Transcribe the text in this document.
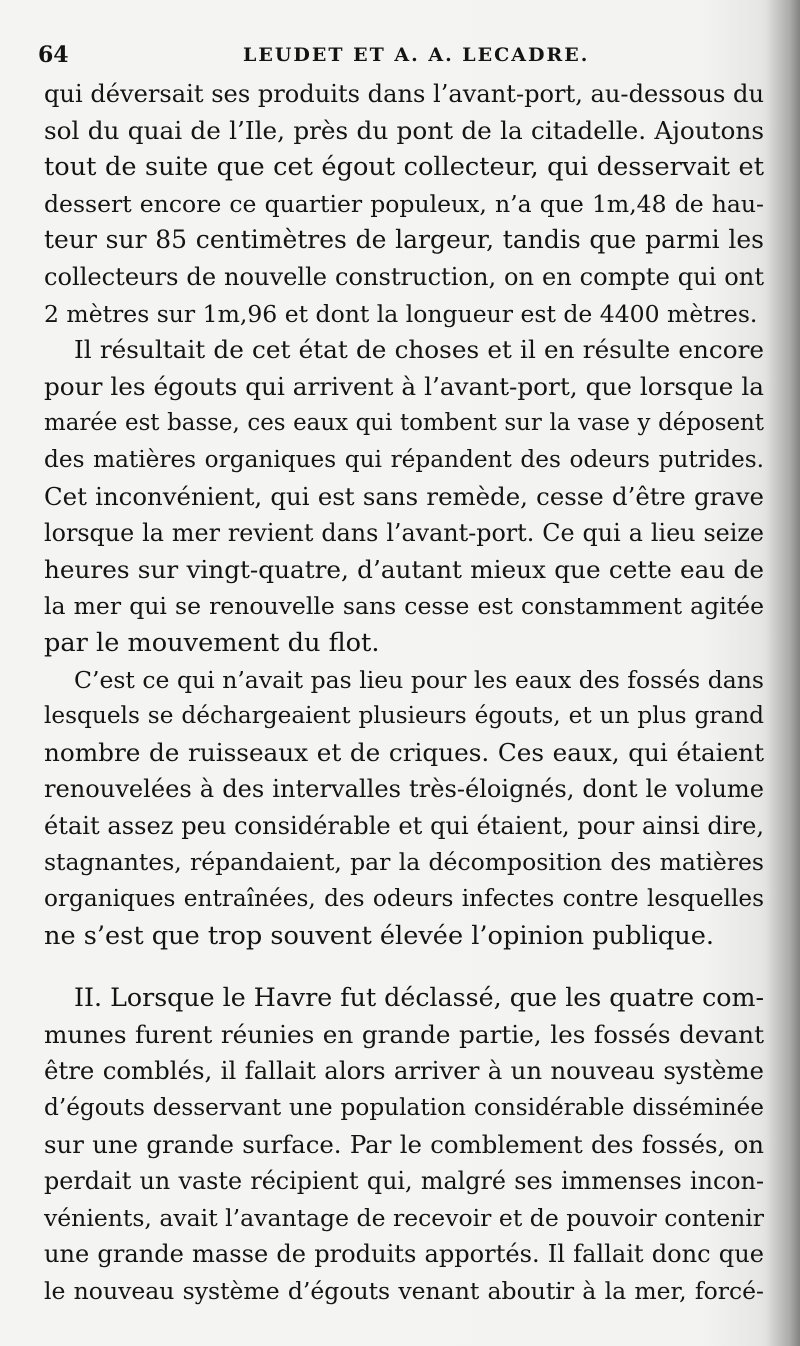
64	LEUDET ET A. A. LECADRE.
qui déversait ses produits dans l’avant-port, au-dessous du
sol du quai de l’Ile, près du pont de la citadelle. Ajoutons
tout de suite que cet égout collecteur, qui desservait et
dessert encore ce quartier populeux, n’a que 1m,48 de hau-
teur sur 85 centimètres de largeur, tandis que parmi les
collecteurs de nouvelle construction, on en compte qui ont
2 mètres sur 1m,96 et dont la longueur est de 4400 mètres.
Il résultait de cet état de choses et il en résulte encore
pour les égouts qui arrivent à l’avant-port, que lorsque la
marée est basse, ces eaux qui tombent sur la vase y déposent
des matières organiques qui répandent des odeurs putrides.
Cet inconvénient, qui est sans remède, cesse d’être grave
lorsque la mer revient dans l’avant-port. Ce qui a lieu seize
heures sur vingt-quatre, d’autant mieux que cette eau de
la mer qui se renouvelle sans cesse est constamment agitée
par le mouvement du flot.
C’est ce qui n’avait pas lieu pour les eaux des fossés dans
lesquels se déchargeaient plusieurs égouts, et un plus grand
nombre de ruisseaux et de criques. Ces eaux, qui étaient
renouvelées à des intervalles très-éloignés, dont le volume
était assez peu considérable et qui étaient, pour ainsi dire,
stagnantes, répandaient, par la décomposition des matières
organiques entraînées, des odeurs infectes contre lesquelles
ne s’est que trop souvent élevée l’opinion publique.
II. Lorsque le Havre fut déclassé, que les quatre com-
munes furent réunies en grande partie, les fossés devant
être comblés, il fallait alors arriver à un nouveau système
d’égouts desservant une population considérable disséminée
sur une grande surface. Par le comblement des fossés, on
perdait un vaste récipient qui, malgré ses immenses incon-
vénients, avait l’avantage de recevoir et de pouvoir contenir
une grande masse de produits apportés. Il fallait donc que
le nouveau système d’égouts venant aboutir à la mer, forcé-
